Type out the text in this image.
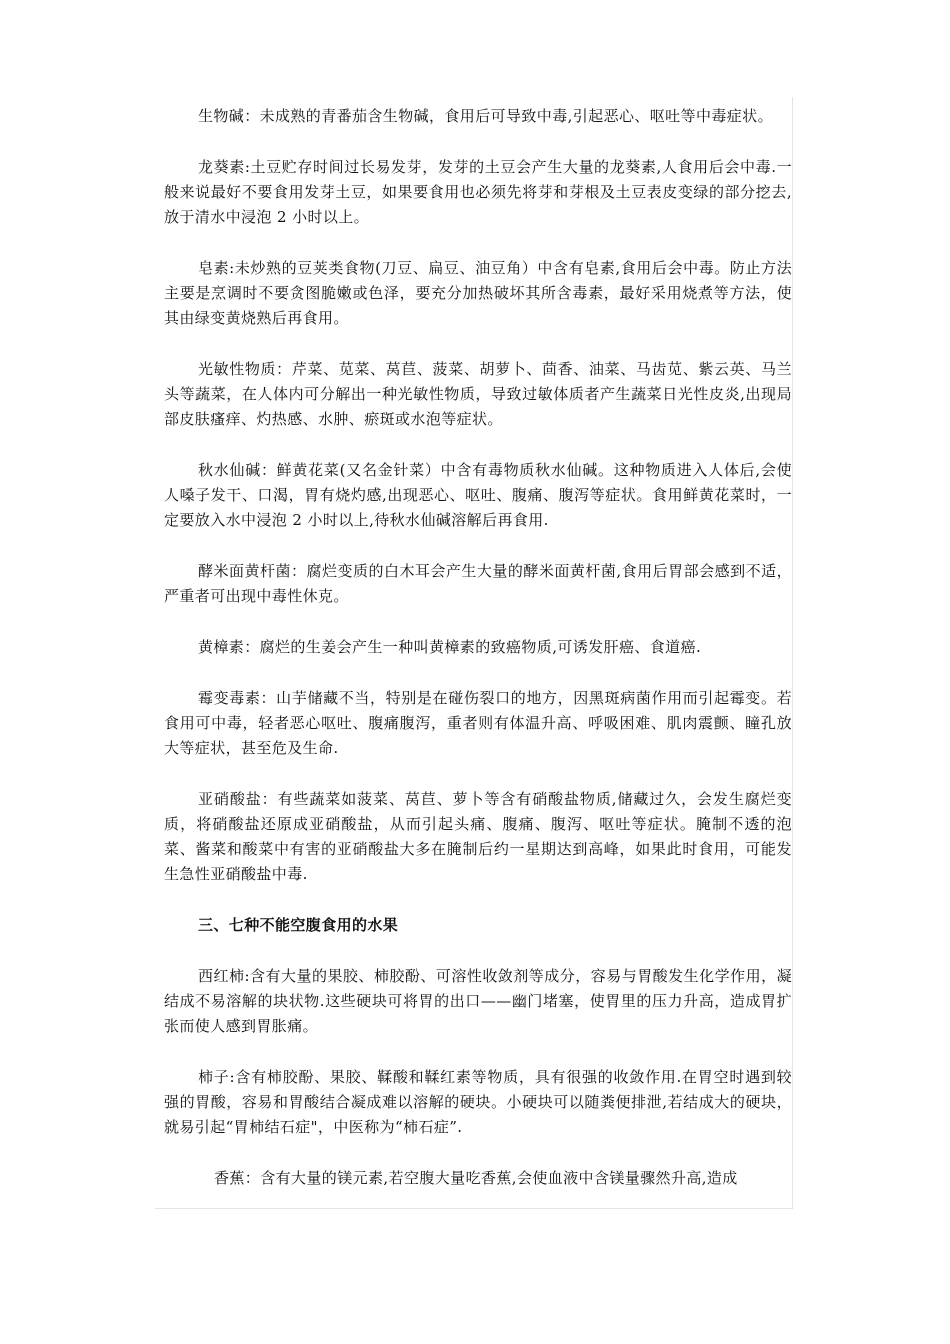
生物碱：未成熟的青番茄含生物碱，食用后可导致中毒,引起恶心、呕吐等中毒症状。

龙葵素:土豆贮存时间过长易发芽，发芽的土豆会产生大量的龙葵素,人食用后会中毒.一般来说最好不要食用发芽土豆，如果要食用也必须先将芽和芽根及土豆表皮变绿的部分挖去,放于清水中浸泡 2 小时以上。

皂素:未炒熟的豆荚类食物(刀豆、扁豆、油豆角）中含有皂素,食用后会中毒。防止方法主要是烹调时不要贪图脆嫩或色泽，要充分加热破坏其所含毒素，最好采用烧煮等方法，使其由绿变黄烧熟后再食用。

光敏性物质：芹菜、苋菜、莴苣、菠菜、胡萝卜、茴香、油菜、马齿苋、紫云英、马兰头等蔬菜，在人体内可分解出一种光敏性物质，导致过敏体质者产生蔬菜日光性皮炎,出现局部皮肤瘙痒、灼热感、水肿、瘀斑或水泡等症状。

秋水仙碱：鲜黄花菜(又名金针菜）中含有毒物质秋水仙碱。这种物质进入人体后,会使人嗓子发干、口渴，胃有烧灼感,出现恶心、呕吐、腹痛、腹泻等症状。食用鲜黄花菜时，一定要放入水中浸泡 2 小时以上,待秋水仙碱溶解后再食用.

酵米面黄杆菌：腐烂变质的白木耳会产生大量的酵米面黄杆菌,食用后胃部会感到不适，严重者可出现中毒性休克。

黄樟素：腐烂的生姜会产生一种叫黄樟素的致癌物质,可诱发肝癌、食道癌.

霉变毒素：山芋储藏不当，特别是在碰伤裂口的地方，因黑斑病菌作用而引起霉变。若食用可中毒，轻者恶心呕吐、腹痛腹泻，重者则有体温升高、呼吸困难、肌肉震颤、瞳孔放大等症状，甚至危及生命.

亚硝酸盐：有些蔬菜如菠菜、莴苣、萝卜等含有硝酸盐物质,储藏过久，会发生腐烂变质，将硝酸盐还原成亚硝酸盐，从而引起头痛、腹痛、腹泻、呕吐等症状。腌制不透的泡菜、酱菜和酸菜中有害的亚硝酸盐大多在腌制后约一星期达到高峰，如果此时食用，可能发生急性亚硝酸盐中毒.

三、七种不能空腹食用的水果

西红柿:含有大量的果胶、柿胶酚、可溶性收敛剂等成分，容易与胃酸发生化学作用，凝结成不易溶解的块状物.这些硬块可将胃的出口——幽门堵塞，使胃里的压力升高，造成胃扩张而使人感到胃胀痛。

柿子:含有柿胶酚、果胶、鞣酸和鞣红素等物质，具有很强的收敛作用.在胃空时遇到较强的胃酸，容易和胃酸结合凝成难以溶解的硬块。小硬块可以随粪便排泄,若结成大的硬块，就易引起“胃柿结石症"，中医称为“柿石症”.

香蕉：含有大量的镁元素,若空腹大量吃香蕉,会使血液中含镁量骤然升高,造成
